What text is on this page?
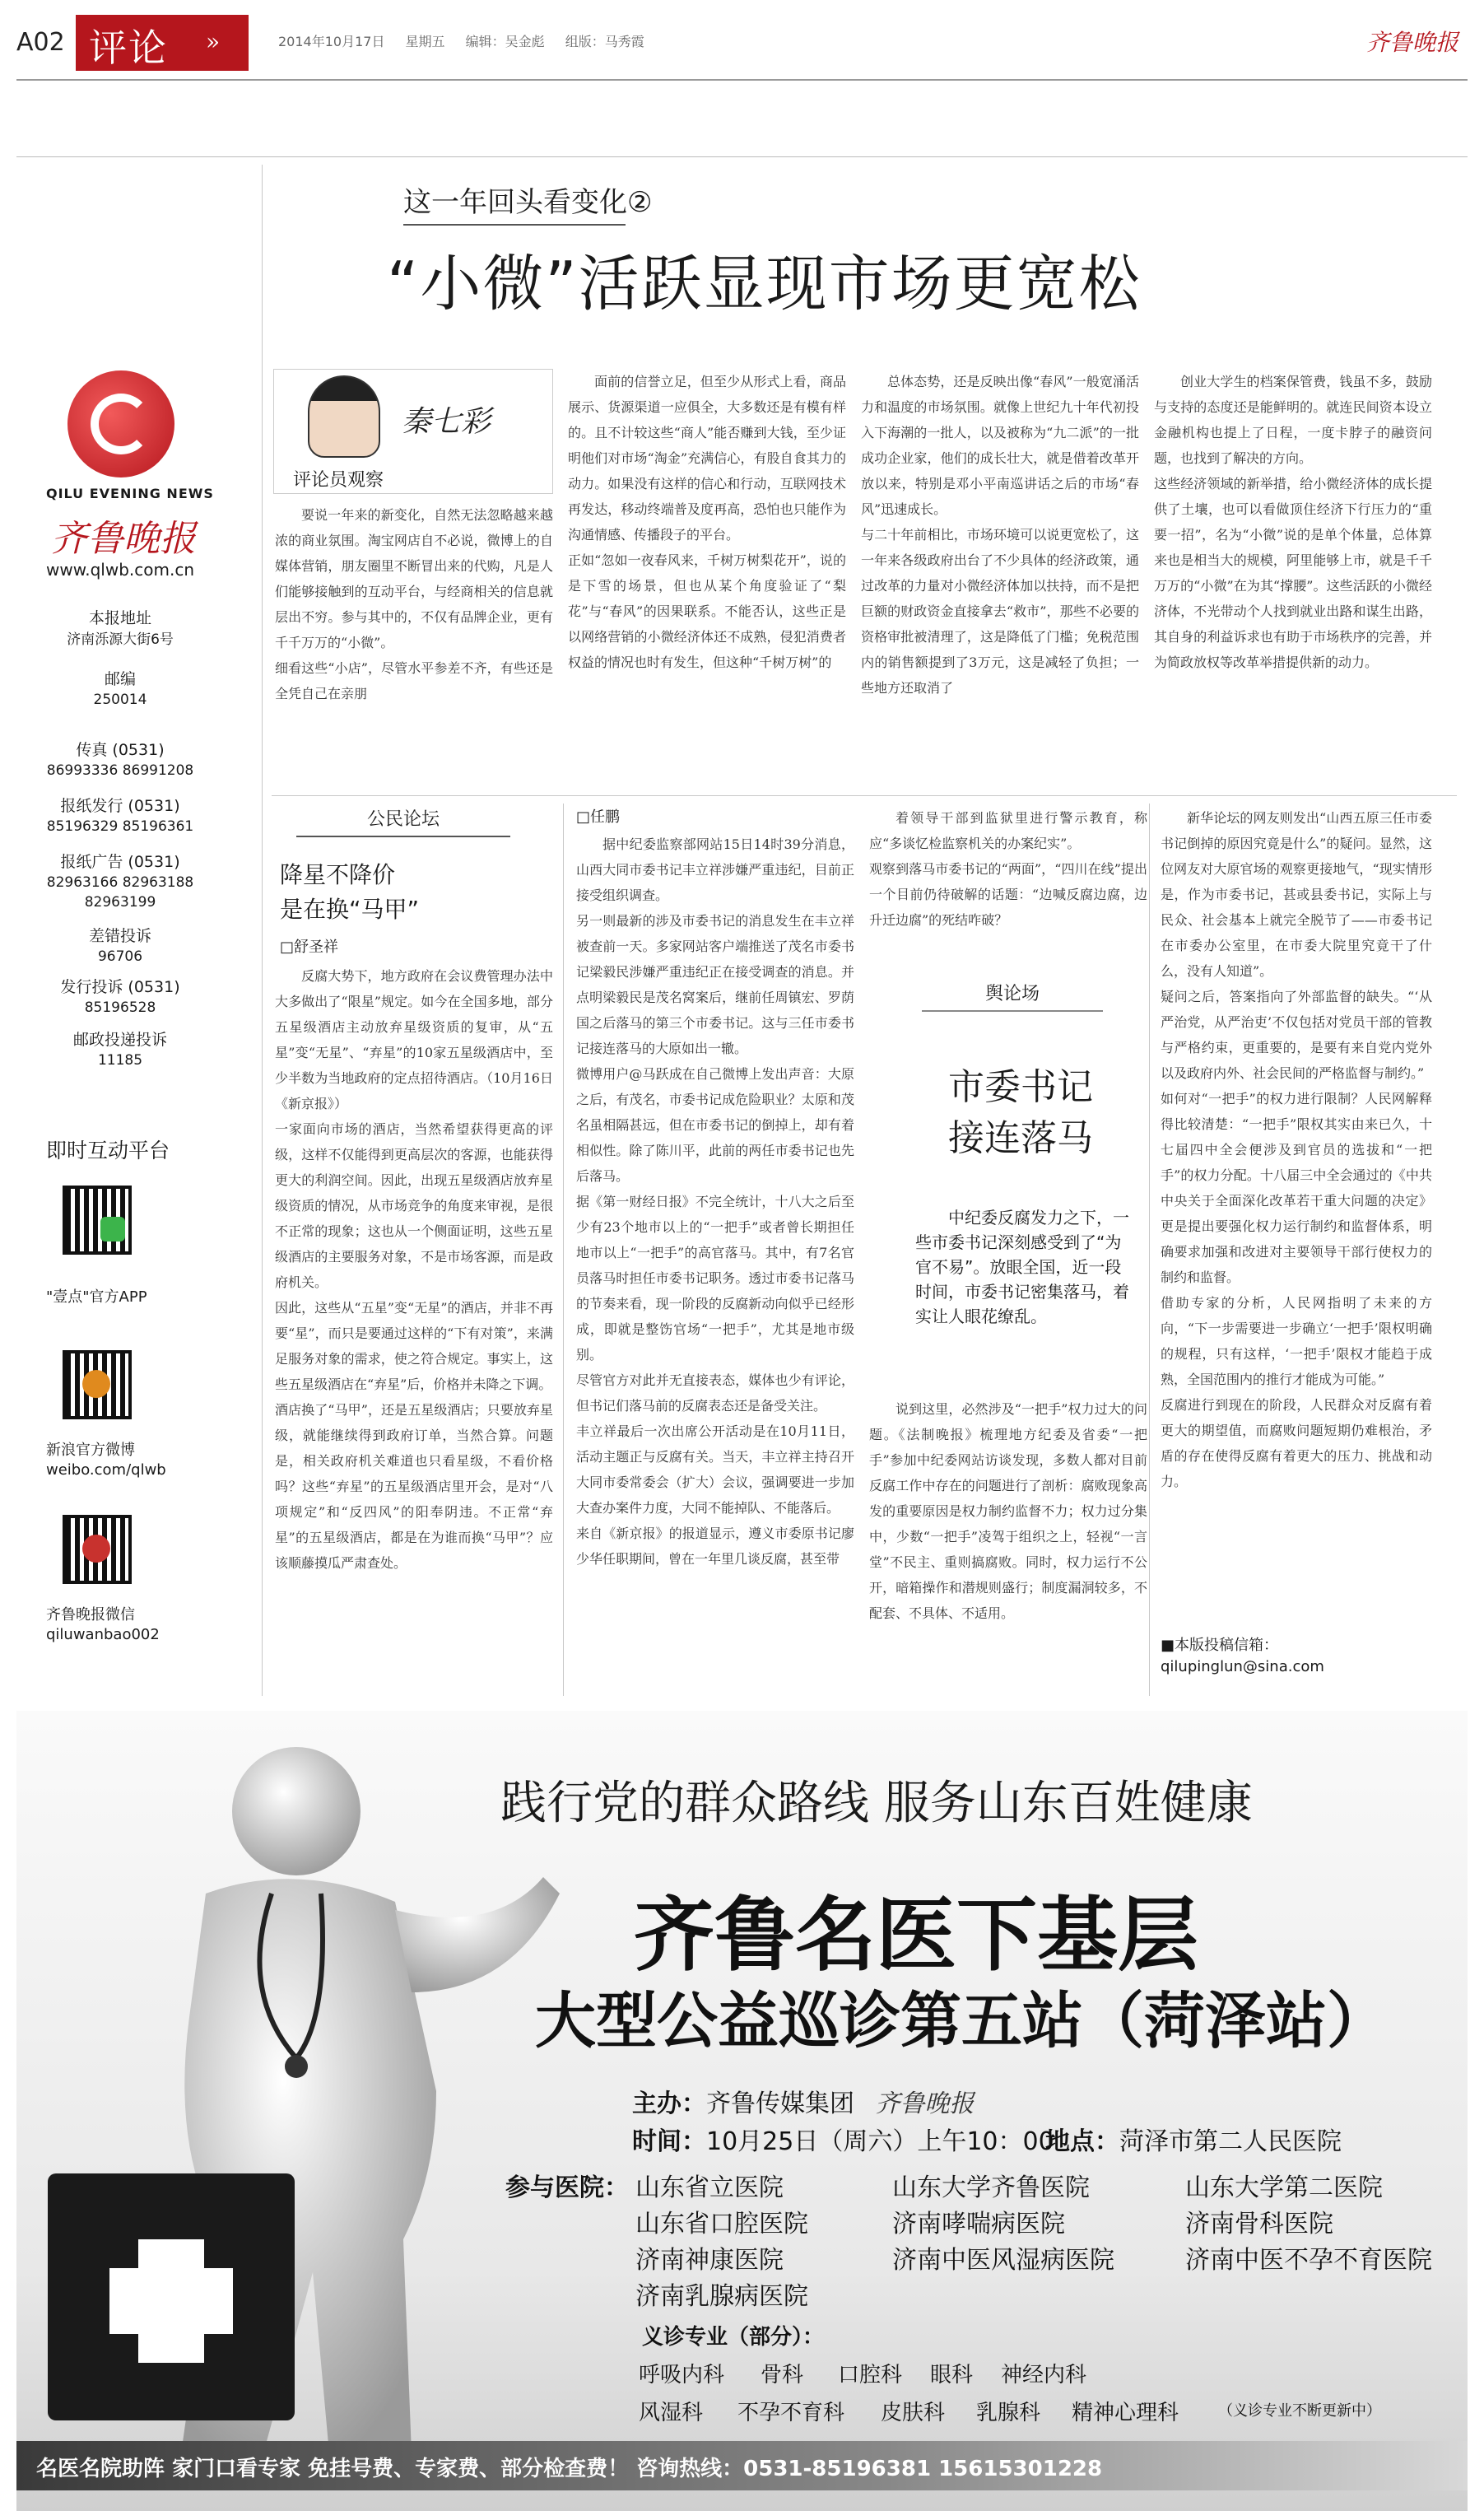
A02 评论 »	2014年10月17日 星期五 编辑：吴金彪 组版：马秀霞	齐鲁晚报
QILU EVENING NEWS
齐鲁晚报
www.qlwb.com.cn
本报地址
济南泺源大街6号
邮编
250014
传真 (0531)
86993336 86991208
报纸发行 (0531)
85196329 85196361
报纸广告 (0531)
82963166 82963188
82963199
差错投诉
96706
发行投诉 (0531)
85196528
邮政投递投诉
11185
即时互动平台
"壹点"官方APP
新浪官方微博
weibo.com/qlwb
齐鲁晚报微信
qiluwanbao002
这一年回头看变化②
“小微”活跃显现市场更宽松
秦七彩
评论员观察
要说一年来的新变化，自然无法忽略越来越浓的商业氛围。淘宝网店自不必说，微博上的自媒体营销，朋友圈里不断冒出来的代购，凡是人们能够接触到的互动平台，与经商相关的信息就层出不穷。参与其中的，不仅有品牌企业，更有千千万万的“小微”。
细看这些“小店”，尽管水平参差不齐，有些还是全凭自己在亲朋
面前的信誉立足，但至少从形式上看，商品展示、货源渠道一应俱全，大多数还是有模有样的。且不计较这些“商人”能否赚到大钱，至少证明他们对市场“淘金”充满信心，有股自食其力的动力。如果没有这样的信心和行动，互联网技术再发达，移动终端普及度再高，恐怕也只能作为沟通情感、传播段子的平台。
正如“忽如一夜春风来，千树万树梨花开”，说的是下雪的场景，但也从某个角度验证了“梨花”与“春风”的因果联系。不能否认，这些正是以网络营销的小微经济体还不成熟，侵犯消费者权益的情况也时有发生，但这种“千树万树”的
总体态势，还是反映出像“春风”一般宽涌活力和温度的市场氛围。就像上世纪九十年代初投入下海潮的一批人，以及被称为“九二派”的一批成功企业家，他们的成长壮大，就是借着改革开放以来，特别是邓小平南巡讲话之后的市场“春风”迅速成长。
与二十年前相比，市场环境可以说更宽松了，这一年来各级政府出台了不少具体的经济政策，通过改革的力量对小微经济体加以扶持，而不是把巨额的财政资金直接拿去“救市”，那些不必要的资格审批被清理了，这是降低了门槛；免税范围内的销售额提到了3万元，这是减轻了负担；一些地方还取消了
创业大学生的档案保管费，钱虽不多，鼓励与支持的态度还是能鲜明的。就连民间资本设立金融机构也提上了日程，一度卡脖子的融资问题，也找到了解决的方向。
这些经济领域的新举措，给小微经济体的成长提供了土壤，也可以看做顶住经济下行压力的“重要一招”，名为“小微”说的是单个体量，总体算来也是相当大的规模，阿里能够上市，就是千千万万的“小微”在为其“撑腰”。这些活跃的小微经济体，不光带动个人找到就业出路和谋生出路，其自身的利益诉求也有助于市场秩序的完善，并为简政放权等改革举措提供新的动力。
公民论坛
降星不降价
是在换“马甲”
□舒圣祥
反腐大势下，地方政府在会议费管理办法中大多做出了“限星”规定。如今在全国多地，部分五星级酒店主动放弃星级资质的复审，从“五星”变“无星”、“弃星”的10家五星级酒店中，至少半数为当地政府的定点招待酒店。（10月16日《新京报》）
一家面向市场的酒店，当然希望获得更高的评级，这样不仅能得到更高层次的客源，也能获得更大的利润空间。因此，出现五星级酒店放弃星级资质的情况，从市场竞争的角度来审视，是很不正常的现象；这也从一个侧面证明，这些五星级酒店的主要服务对象，不是市场客源，而是政府机关。
因此，这些从“五星”变“无星”的酒店，并非不再要“星”，而只是要通过这样的“下有对策”，来满足服务对象的需求，使之符合规定。事实上，这些五星级酒店在“弃星”后，价格并未降之下调。
酒店换了“马甲”，还是五星级酒店；只要放弃星级，就能继续得到政府订单，当然合算。问题是，相关政府机关难道也只看星级，不看价格吗？这些“弃星”的五星级酒店里开会，是对“八项规定”和“反四风”的阳奉阴违。不正常“弃星”的五星级酒店，都是在为谁而换“马甲”？应该顺藤摸瓜严肃查处。
□任鹏
据中纪委监察部网站15日14时39分消息，山西大同市委书记丰立祥涉嫌严重违纪，目前正接受组织调查。
另一则最新的涉及市委书记的消息发生在丰立祥被查前一天。多家网站客户端推送了茂名市委书记梁毅民涉嫌严重违纪正在接受调查的消息。并点明梁毅民是茂名窝案后，继前任周镇宏、罗荫国之后落马的第三个市委书记。这与三任市委书记接连落马的大原如出一辙。
微博用户@马跃成在自己微博上发出声音：大原之后，有茂名，市委书记成危险职业？太原和茂名虽相隔甚远，但在市委书记的倒掉上，却有着相似性。除了陈川平，此前的两任市委书记也先后落马。
据《第一财经日报》不完全统计，十八大之后至少有23个地市以上的“一把手”或者曾长期担任地市以上“一把手”的高官落马。其中，有7名官员落马时担任市委书记职务。透过市委书记落马的节奏来看，现一阶段的反腐新动向似乎已经形成，即就是整饬官场“一把手”，尤其是地市级别。
尽管官方对此并无直接表态，媒体也少有评论，但书记们落马前的反腐表态还是备受关注。
丰立祥最后一次出席公开活动是在10月11日，活动主题正与反腐有关。当天，丰立祥主持召开大同市委常委会（扩大）会议，强调要进一步加大查办案件力度，大同不能掉队、不能落后。
来自《新京报》的报道显示，遵义市委原书记廖少华任职期间，曾在一年里几谈反腐，甚至带
着领导干部到监狱里进行警示教育，称应“多谈忆检监察机关的办案纪实”。
观察到落马市委书记的“两面”，“四川在线”提出一个目前仍待破解的话题：“边喊反腐边腐，边升迁边腐”的死结咋破？
舆论场
市委书记
接连落马
中纪委反腐发力之下，一些市委书记深刻感受到了“为官不易”。放眼全国，近一段时间，市委书记密集落马，着实让人眼花缭乱。
说到这里，必然涉及“一把手”权力过大的问题。《法制晚报》梳理地方纪委及省委“一把手”参加中纪委网站访谈发现，多数人都对目前反腐工作中存在的问题进行了剖析：腐败现象高发的重要原因是权力制约监督不力；权力过分集中，少数“一把手”凌驾于组织之上，轻视“一言堂”不民主、重则搞腐败。同时，权力运行不公开，暗箱操作和潜规则盛行；制度漏洞较多，不配套、不具体、不适用。
新华论坛的网友则发出“山西五原三任市委书记倒掉的原因究竟是什么”的疑问。显然，这位网友对大原官场的观察更接地气，“现实情形是，作为市委书记，甚或县委书记，实际上与民众、社会基本上就完全脱节了——市委书记在市委办公室里，在市委大院里究竟干了什么，没有人知道”。
疑问之后，答案指向了外部监督的缺失。“‘从严治党，从严治吏’不仅包括对党员干部的管教与严格约束，更重要的，是要有来自党内党外以及政府内外、社会民间的严格监督与制约。”
如何对“一把手”的权力进行限制？人民网解释得比较清楚：“一把手”限权其实由来已久，十七届四中全会便涉及到官员的选拔和“一把手”的权力分配。十八届三中全会通过的《中共中央关于全面深化改革若干重大问题的决定》更是提出要强化权力运行制约和监督体系，明确要求加强和改进对主要领导干部行使权力的制约和监督。
借助专家的分析，人民网指明了未来的方向，“下一步需要进一步确立‘一把手’限权明确的规程，只有这样，‘一把手’限权才能趋于成熟，全国范围内的推行才能成为可能。”
反腐进行到现在的阶段，人民群众对反腐有着更大的期望值，而腐败问题短期仍难根治，矛盾的存在使得反腐有着更大的压力、挑战和动力。
■本版投稿信箱：
qilupinglun@sina.com
践行党的群众路线 服务山东百姓健康
齐鲁名医下基层
大型公益巡诊第五站（菏泽站）
主办：齐鲁传媒集团 齐鲁晚报
时间：10月25日（周六）上午10：00
地点：菏泽市第二人民医院
参与医院： 山东省立医院	山东大学齐鲁医院	山东大学第二医院
山东省口腔医院	济南哮喘病医院	济南骨科医院
济南神康医院	济南中医风湿病医院	济南中医不孕不育医院
济南乳腺病医院
义诊专业（部分）：
呼吸内科 骨科 口腔科 眼科 神经内科
风湿科 不孕不育科 皮肤科 乳腺科 精神心理科	（义诊专业不断更新中）
名医名院助阵 家门口看专家 免挂号费、专家费、部分检查费！ 咨询热线：0531-85196381 15615301228
